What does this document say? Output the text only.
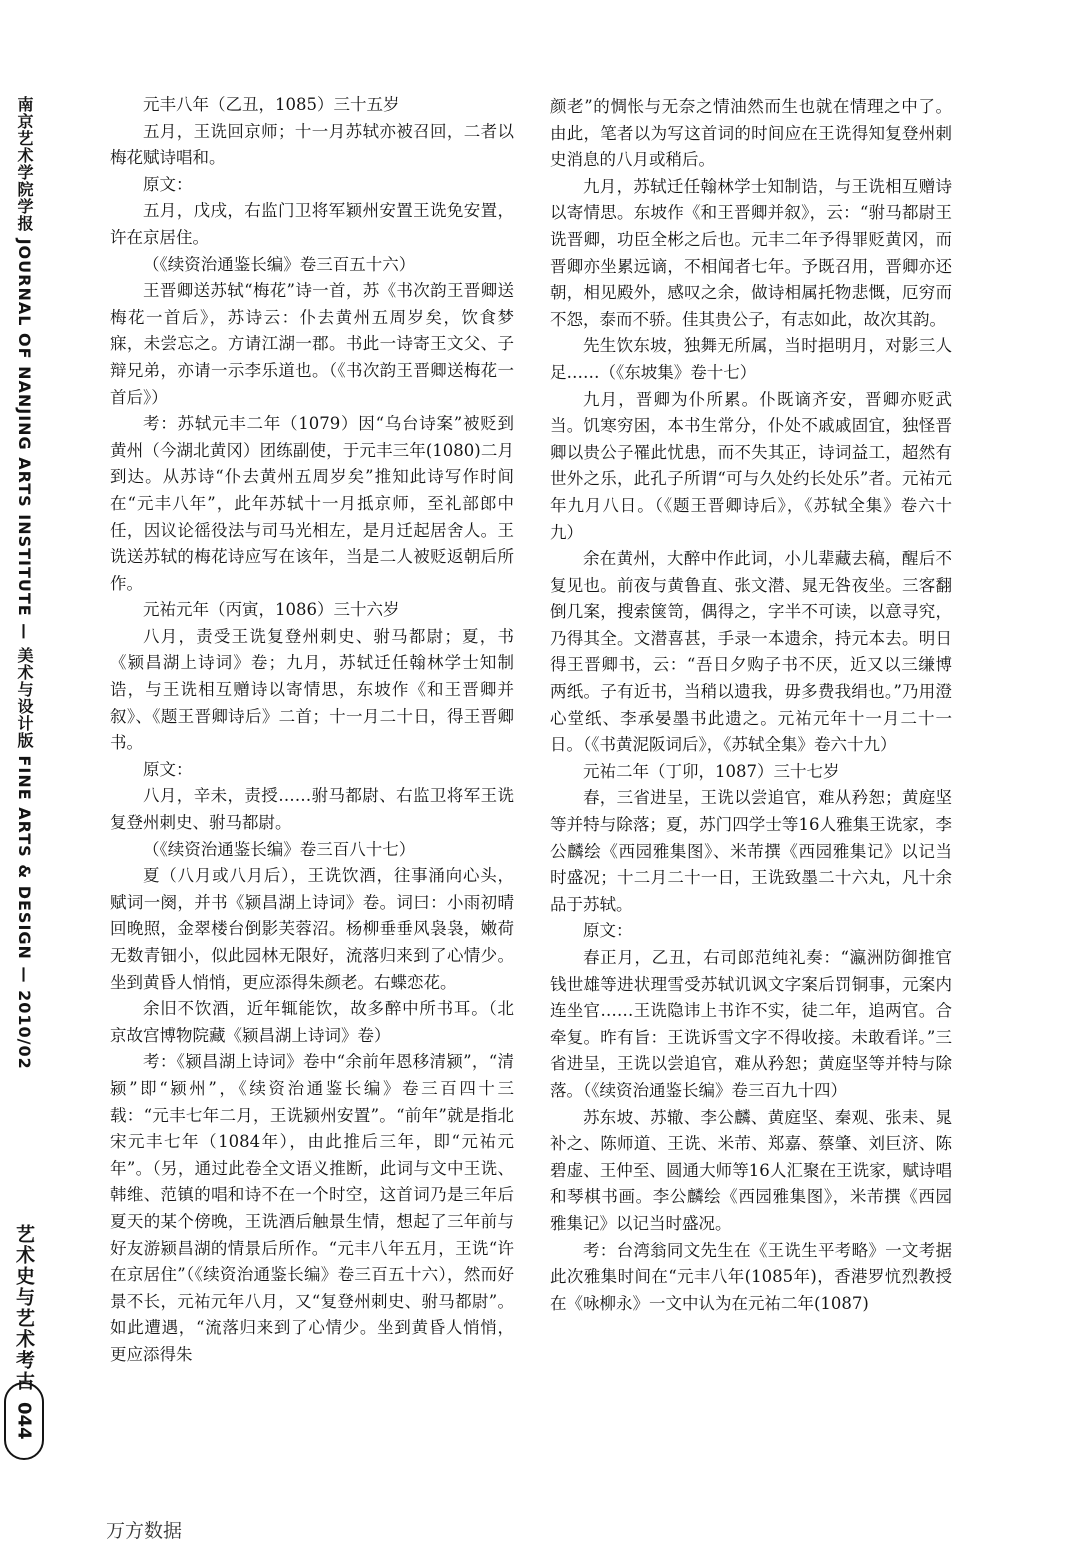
南京艺术学院学报 JOURNAL OF NANJING ARTS INSTITUTE — 美术与设计版 FINE ARTS & DESIGN — 2010/02
艺术史与艺术考古
044

元丰八年（乙丑，1085）三十五岁

五月，王诜回京师；十一月苏轼亦被召回，二者以梅花赋诗唱和。

原文：

五月，戊戌，右监门卫将军颖州安置王诜免安置，许在京居住。

（《续资治通鉴长编》卷三百五十六）

王晋卿送苏轼“梅花”诗一首，苏《书次韵王晋卿送梅花一首后》，苏诗云：仆去黄州五周岁矣，饮食梦寐，未尝忘之。方请江湖一郡。书此一诗寄王文父、子辩兄弟，亦请一示李乐道也。（《书次韵王晋卿送梅花一首后》）

考：苏轼元丰二年（1079）因“乌台诗案”被贬到黄州（今湖北黄冈）团练副使，于元丰三年(1080)二月到达。从苏诗“仆去黄州五周岁矣”推知此诗写作时间在“元丰八年”，此年苏轼十一月抵京师，至礼部郎中任，因议论徭役法与司马光相左，是月迁起居舍人。王诜送苏轼的梅花诗应写在该年，当是二人被贬返朝后所作。

元祐元年（丙寅，1086）三十六岁

八月，责受王诜复登州刺史、驸马都尉；夏，书《颍昌湖上诗词》卷；九月，苏轼迁任翰林学士知制诰，与王诜相互赠诗以寄情思，东坡作《和王晋卿并叙》、《题王晋卿诗后》二首；十一月二十日，得王晋卿书。

原文：

八月，辛未，责授……驸马都尉、右监卫将军王诜复登州刺史、驸马都尉。

（《续资治通鉴长编》卷三百八十七）

夏（八月或八月后），王诜饮酒，往事涌向心头，赋词一阕，并书《颍昌湖上诗词》卷。词曰：小雨初晴回晚照，金翠楼台倒影芙蓉沼。杨柳垂垂风袅袅，嫩荷无数青钿小，似此园林无限好，流落归来到了心情少。坐到黄昏人悄悄，更应添得朱颜老。右蝶恋花。

余旧不饮酒，近年辄能饮，故多醉中所书耳。（北京故宫博物院藏《颍昌湖上诗词》卷）

考：《颍昌湖上诗词》卷中“余前年恩移清颍”，“清颍”即“颍州”，《续资治通鉴长编》卷三百四十三载：“元丰七年二月，王诜颍州安置”。“前年”就是指北宋元丰七年（1084年），由此推后三年，即“元祐元年”。（另，通过此卷全文语义推断，此词与文中王诜、韩维、范镇的唱和诗不在一个时空，这首词乃是三年后夏天的某个傍晚，王诜酒后触景生情，想起了三年前与好友游颍昌湖的情景后所作。“元丰八年五月，王诜“许在京居住”（《续资治通鉴长编》卷三百五十六），然而好景不长，元祐元年八月，又“复登州刺史、驸马都尉”。如此遭遇，“流落归来到了心情少。坐到黄昏人悄悄，更应添得朱

颜老”的惆怅与无奈之情油然而生也就在情理之中了。由此，笔者以为写这首词的时间应在王诜得知复登州刺史消息的八月或稍后。

九月，苏轼迁任翰林学士知制诰，与王诜相互赠诗以寄情思。东坡作《和王晋卿并叙》，云：“驸马都尉王诜晋卿，功臣全彬之后也。元丰二年予得罪贬黄冈，而晋卿亦坐累远谪，不相闻者七年。予既召用，晋卿亦还朝，相见殿外，感叹之余，做诗相属托物悲慨，厄穷而不怨，泰而不骄。佳其贵公子，有志如此，故次其韵。

先生饮东坡，独舞无所属，当时挹明月，对影三人足……（《东坡集》卷十七）

九月，晋卿为仆所累。仆既谪齐安，晋卿亦贬武当。饥寒穷困，本书生常分，仆处不戚戚固宜，独怪晋卿以贵公子罹此忧患，而不失其正，诗词益工，超然有世外之乐，此孔子所谓“可与久处约长处乐”者。元祐元年九月八日。（《题王晋卿诗后》，《苏轼全集》卷六十九）

余在黄州，大醉中作此词，小儿辈藏去稿，醒后不复见也。前夜与黄鲁直、张文潜、晁无咎夜坐。三客翻倒几案，搜索箧笥，偶得之，字半不可读，以意寻究，乃得其全。文潜喜甚，手录一本遗余，持元本去。明日得王晋卿书，云：“吾日夕购子书不厌，近又以三缣博两纸。子有近书，当稍以遗我，毋多费我绢也。”乃用澄心堂纸、李承晏墨书此遗之。元祐元年十一月二十一日。（《书黄泥阪词后》，《苏轼全集》卷六十九）

元祐二年（丁卯，1087）三十七岁

春，三省进呈，王诜以尝追官，难从矜恕；黄庭坚等并特与除落；夏，苏门四学士等16人雅集王诜家，李公麟绘《西园雅集图》、米芾撰《西园雅集记》以记当时盛况；十二月二十一日，王诜致墨二十六丸，凡十余品于苏轼。

原文：

春正月，乙丑，右司郎范纯礼奏：“瀛洲防御推官钱世雄等进状理雪受苏轼讥讽文字案后罚铜事，元案内连坐官……王诜隐讳上书诈不实，徒二年，追两官。合牵复。昨有旨：王诜诉雪文字不得收接。未敢看详。”三省进呈，王诜以尝追官，难从矜恕；黄庭坚等并特与除落。（《续资治通鉴长编》卷三百九十四）

苏东坡、苏辙、李公麟、黄庭坚、秦观、张耒、晁补之、陈师道、王诜、米芾、郑嘉、蔡肇、刘巨济、陈碧虚、王仲至、圆通大师等16人汇聚在王诜家，赋诗唱和琴棋书画。李公麟绘《西园雅集图》，米芾撰《西园雅集记》以记当时盛况。

考：台湾翁同文先生在《王诜生平考略》一文考据此次雅集时间在“元丰八年(1085年)，香港罗忼烈教授在《咏柳永》一文中认为在元祐二年(1087)

万方数据
